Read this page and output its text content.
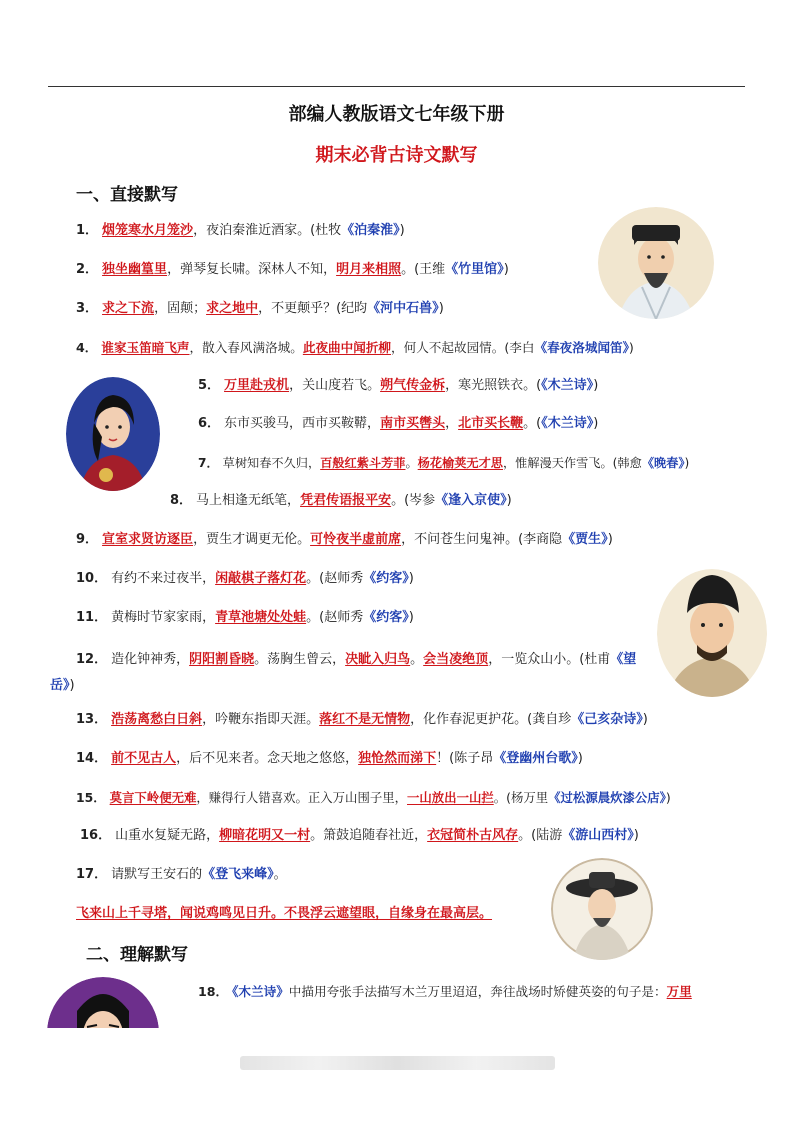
部编人教版语文七年级下册
期末必背古诗文默写
一、直接默写
1． 烟笼寒水月笼沙，夜泊秦淮近酒家。(杜牧《泊秦淮》)
2． 独坐幽篁里，弹琴复长啸。深林人不知，明月来相照。(王维《竹里馆》)
3． 求之下流，固颠；求之地中，不更颠乎？(纪昀《河中石兽》)
4． 谁家玉笛暗飞声，散入春风满洛城。此夜曲中闻折柳，何人不起故园情。(李白《春夜洛城闻笛》)
5． 万里赴戎机，关山度若飞。朔气传金柝，寒光照铁衣。(《木兰诗》)
6． 东市买骏马，西市买鞍鞯，南市买辔头，北市买长鞭。(《木兰诗》)
7． 草树知春不久归，百般红紫斗芳菲。杨花榆荚无才思，惟解漫天作雪飞。(韩愈《晚春》)
8． 马上相逢无纸笔，凭君传语报平安。(岑参《逢入京使》)
9． 宣室求贤访逐臣，贾生才调更无伦。可怜夜半虚前席，不问苍生问鬼神。(李商隐《贾生》)
10． 有约不来过夜半，闲敲棋子落灯花。(赵师秀《约客》)
11． 黄梅时节家家雨，青草池塘处处蛙。(赵师秀《约客》)
12． 造化钟神秀，阴阳割昏晓。荡胸生曾云，决眦入归鸟。会当凌绝顶，一览众山小。(杜甫《望岳》)
13． 浩荡离愁白日斜，吟鞭东指即天涯。落红不是无情物，化作春泥更护花。(龚自珍《己亥杂诗》)
14． 前不见古人，后不见来者。念天地之悠悠，独怆然而涕下！(陈子昂《登幽州台歌》)
15． 莫言下岭便无难，赚得行人错喜欢。正入万山围子里，一山放出一山拦。(杨万里《过松源晨炊漆公店》)
16． 山重水复疑无路，柳暗花明又一村。箫鼓追随春社近，衣冠简朴古风存。(陆游《游山西村》)
17． 请默写王安石的《登飞来峰》。
飞来山上千寻塔，闻说鸡鸣见日升。不畏浮云遮望眼，自缘身在最高层。
二、理解默写
18． 《木兰诗》中描用夸张手法描写木兰万里迢迢，奔往战场时矫健英姿的句子是：万里
